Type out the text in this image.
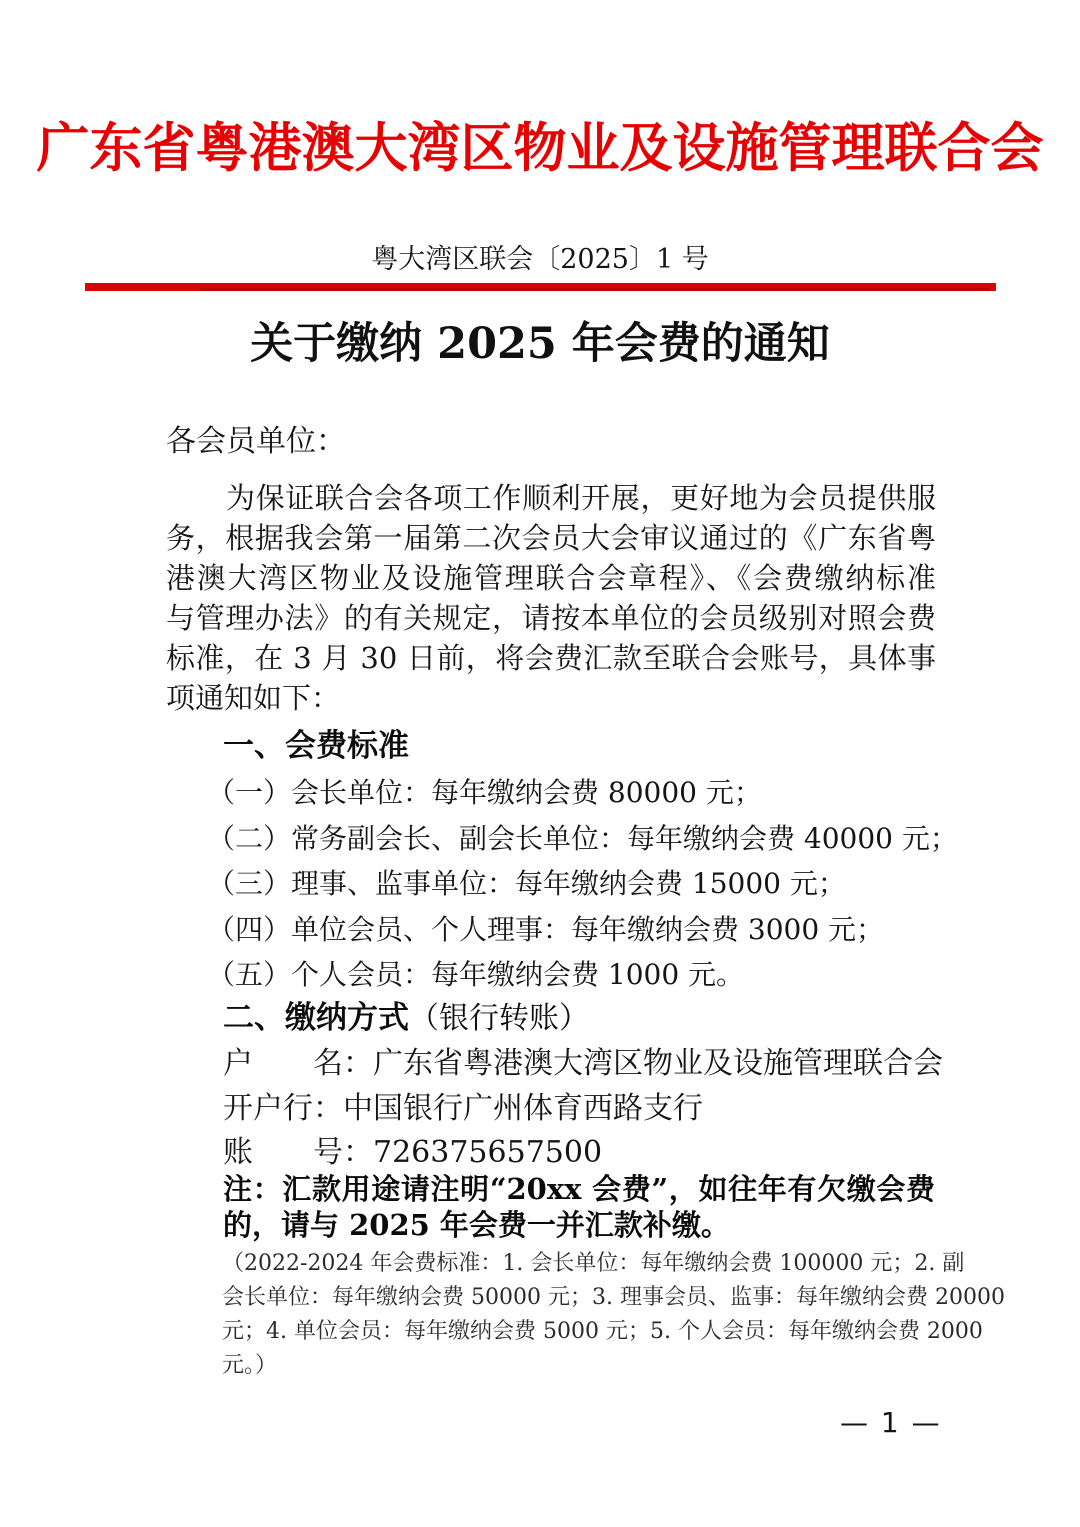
广东省粤港澳大湾区物业及设施管理联合会
粤大湾区联会〔2025〕1 号
关于缴纳 2025 年会费的通知
各会员单位：
为保证联合会各项工作顺利开展，更好地为会员提供服
务，根据我会第一届第二次会员大会审议通过的《广东省粤
港澳大湾区物业及设施管理联合会章程》、《会费缴纳标准
与管理办法》的有关规定，请按本单位的会员级别对照会费
标准，在 3 月 30 日前，将会费汇款至联合会账号，具体事
项通知如下：
一、会费标准
（一）会长单位：每年缴纳会费 80000 元；
（二）常务副会长、副会长单位：每年缴纳会费 40000 元；
（三）理事、监事单位：每年缴纳会费 15000 元；
（四）单位会员、个人理事：每年缴纳会费 3000 元；
（五）个人会员：每年缴纳会费 1000 元。
二、缴纳方式（银行转账）
户　　名：广东省粤港澳大湾区物业及设施管理联合会
开户行：中国银行广州体育西路支行
账　　号：726375657500
注：汇款用途请注明“20xx 会费”，如往年有欠缴会费
的，请与 2025 年会费一并汇款补缴。
（2022-2024 年会费标准：1. 会长单位：每年缴纳会费 100000 元；2. 副
会长单位：每年缴纳会费 50000 元；3. 理事会员、监事：每年缴纳会费 20000
元；4. 单位会员：每年缴纳会费 5000 元；5. 个人会员：每年缴纳会费 2000
元。）
— 1 —
